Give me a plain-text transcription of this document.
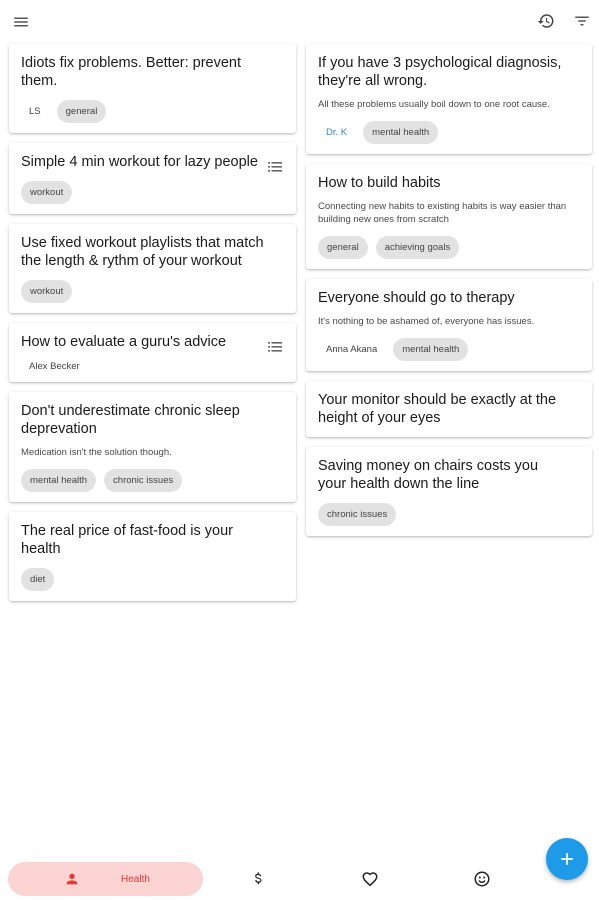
Idiots fix problems. Better: prevent them.
LS	general
Simple 4 min workout for lazy people
workout
Use fixed workout playlists that match the length & rythm of your workout
workout
How to evaluate a guru's advice
Alex Becker
Don't underestimate chronic sleep deprevation
Medication isn't the solution though.
mental health	chronic issues
The real price of fast-food is your health
diet
If you have 3 psychological diagnosis, they're all wrong.
All these problems usually boil down to one root cause.
Dr. K	mental health
How to build habits
Connecting new habits to existing habits is way easier than building new ones from scratch
general	achieving goals
Everyone should go to therapy
It's nothing to be ashamed of, everyone has issues.
Anna Akana	mental health
Your monitor should be exactly at the height of your eyes
Saving money on chairs costs you your health down the line
chronic issues
Health
